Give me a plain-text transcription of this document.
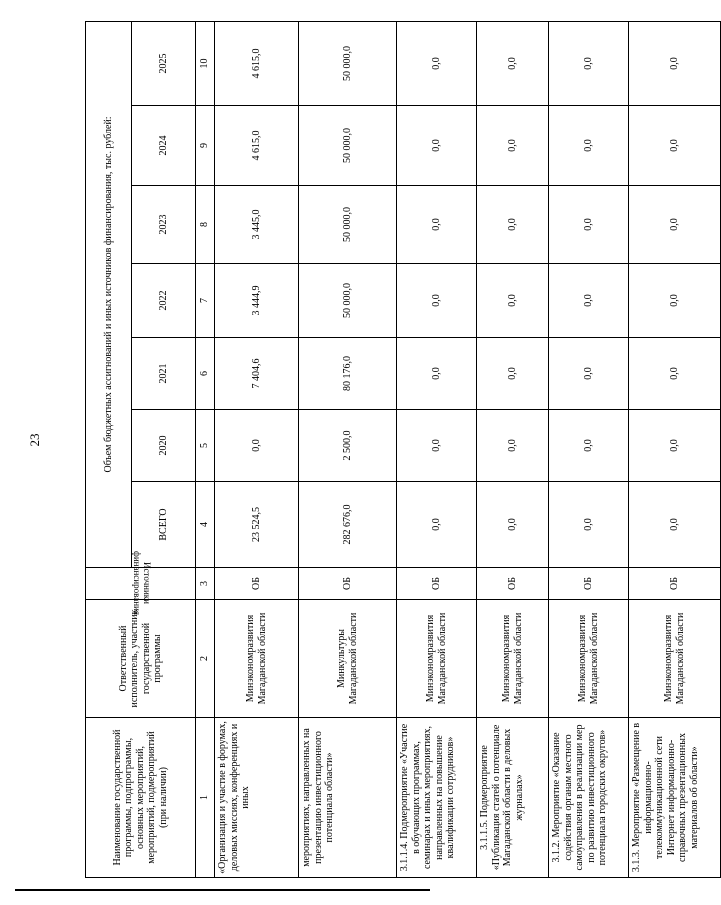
23
Наименование государственной программы, подпрограммы, основных мероприятий, мероприятий, подмероприятий (при наличии)	Ответственный исполнитель, участник государственной программы	Источники финансирования	Объем бюджетных ассигнований и иных источников финансирования, тыс. рублей:						
			ВСЕГО	2020	2021	2022	2023	2024	2025
1	2	3	4	5	6	7	8	9	10
«Организация и участие в форумах, деловых миссиях, конференциях и иных	Минэкономразвития Магаданской области	ОБ	23 524,5	0,0	7 404,6	3 444,9	3 445,0	4 615,0	4 615,0
мероприятиях, направленных на презентацию инвестиционного потенциала области»	Минкультуры Магаданской области	ОБ	282 676,0	2 500,0	80 176,0	50 000,0	50 000,0	50 000,0	50 000,0
3.1.1.4. Подмероприятие «Участие в обучающих программах, семинарах и иных мероприятиях, направленных на повышение квалификации сотрудников»	Минэкономразвития Магаданской области	ОБ	0,0	0,0	0,0	0,0	0,0	0,0	0,0
3.1.1.5. Подмероприятие «Публикация статей о потенциале Магаданской области в деловых журналах»	Минэкономразвития Магаданской области	ОБ	0,0	0,0	0,0	0,0	0,0	0,0	0,0
3.1.2. Мероприятие «Оказание содействия органам местного самоуправления в реализации мер по развитию инвестиционного потенциала городских округов»	Минэкономразвития Магаданской области	ОБ	0,0	0,0	0,0	0,0	0,0	0,0	0,0
3.1.3. Мероприятие «Размещение в информационно-телекоммуникационной сети Интернет информационно-справочных презентационных материалов об области»	Минэкономразвития Магаданской области	ОБ	0,0	0,0	0,0	0,0	0,0	0,0	0,0
